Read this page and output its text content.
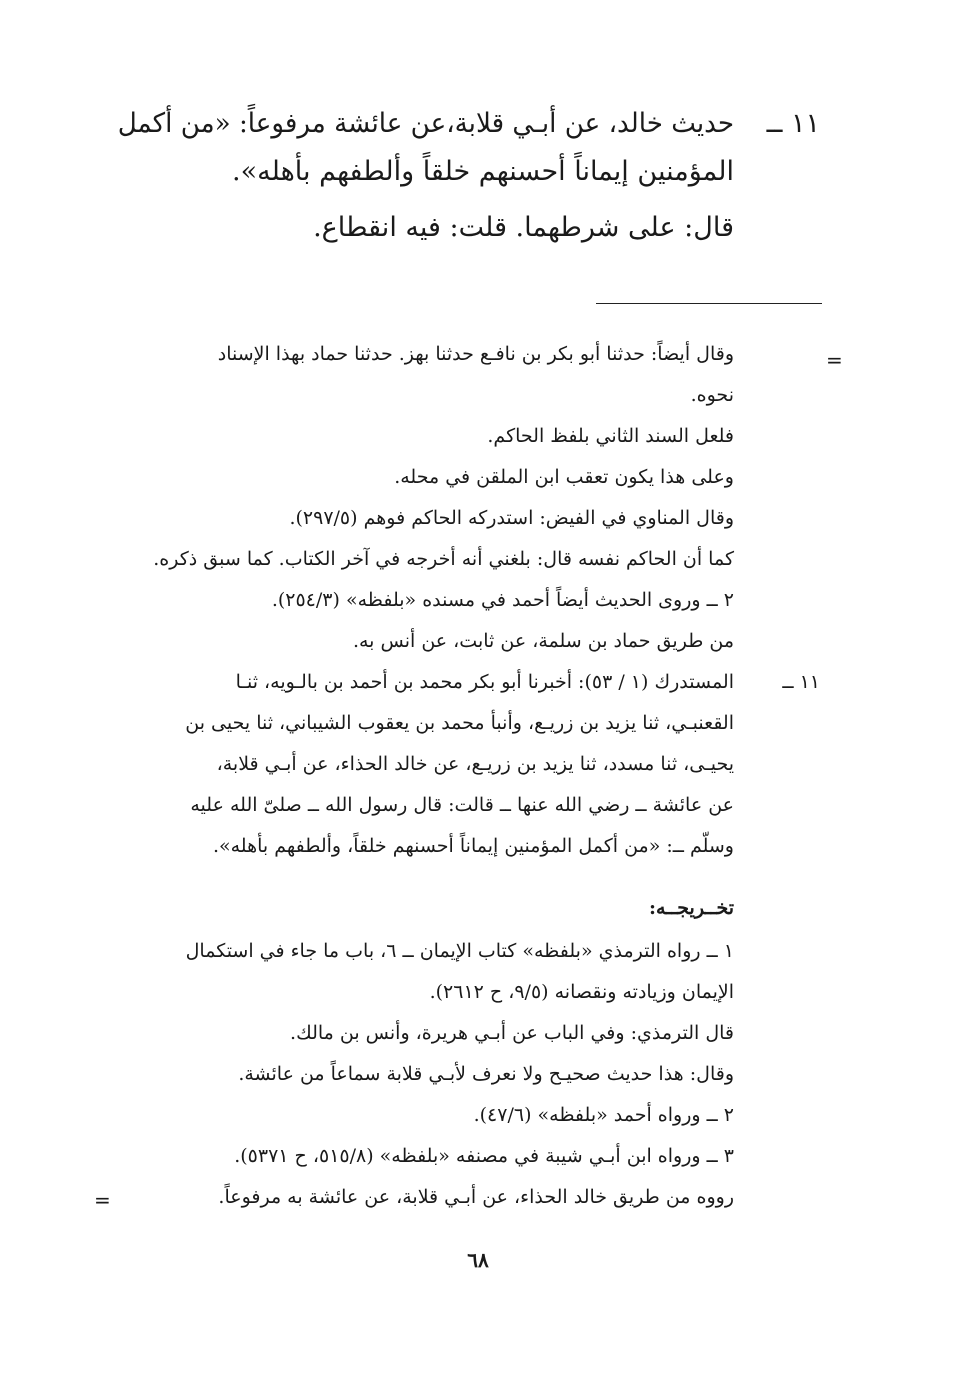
١١ ــ
حديث خالد، عن أبـي قلابة،عن عائشة مرفوعاً: «من أكمل
المؤمنين إيماناً أحسنهم خلقاً وألطفهم بأهله».
قال: على شرطهما. قلت: فيه انقطاع.
=
وقال أيضاً: حدثنا أبو بكر بن نافـع حدثنا بهز. حدثنا حماد بهذا الإسناد
نحوه.
فلعل السند الثاني بلفظ الحاكم.
وعلى هذا يكون تعقب ابن الملقن في محله.
وقال المناوي في الفيض: استدركه الحاكم فوهم (٢٩٧/٥).
كما أن الحاكم نفسه قال: بلغني أنه أخرجه في آخر الكتاب. كما سبق ذكره.
٢ ــ وروى الحديث أيضاً أحمد في مسنده «بلفظه» (٢٥٤/٣).
من طريق حماد بن سلمة، عن ثابت، عن أنس به.
١١ ــ
المستدرك (١ / ٥٣): أخبرنا أبو بكر محمد بن أحمد بن بالـويه، ثنـا
القعنبـي، ثنا يزيد بن زريـع، وأنبأ محمد بن يعقوب الشيباني، ثنا يحيى بن
يحيـى، ثنا مسدد، ثنا يزيد بن زريـع، عن خالد الحذاء، عن أبـي قلابة،
عن عائشة ــ رضي الله عنها ــ قالت: قال رسول الله ــ صلىّ الله عليه
وسلّم ــ: «من أكمل المؤمنين إيماناً أحسنهم خلقاً، وألطفهم بأهله».
تخــريجــه:
١ ــ رواه الترمذي «بلفظه» كتاب الإيمان ــ ٦، باب ما جاء في استكمال
الإيمان وزيادته ونقصانه (٩/٥، ح ٢٦١٢).
قال الترمذي: وفي الباب عن أبـي هريرة، وأنس بن مالك.
وقال: هذا حديث صحيـح ولا نعرف لأبـي قلابة سماعاً من عائشة.
٢ ــ ورواه أحمد «بلفظه» (٤٧/٦).
٣ ــ ورواه ابن أبـي شيبة في مصنفه «بلفظه» (٥١٥/٨، ح ٥٣٧١).
رووه من طريق خالد الحذاء، عن أبـي قلابة، عن عائشة به مرفوعاً.
=
٦٨
